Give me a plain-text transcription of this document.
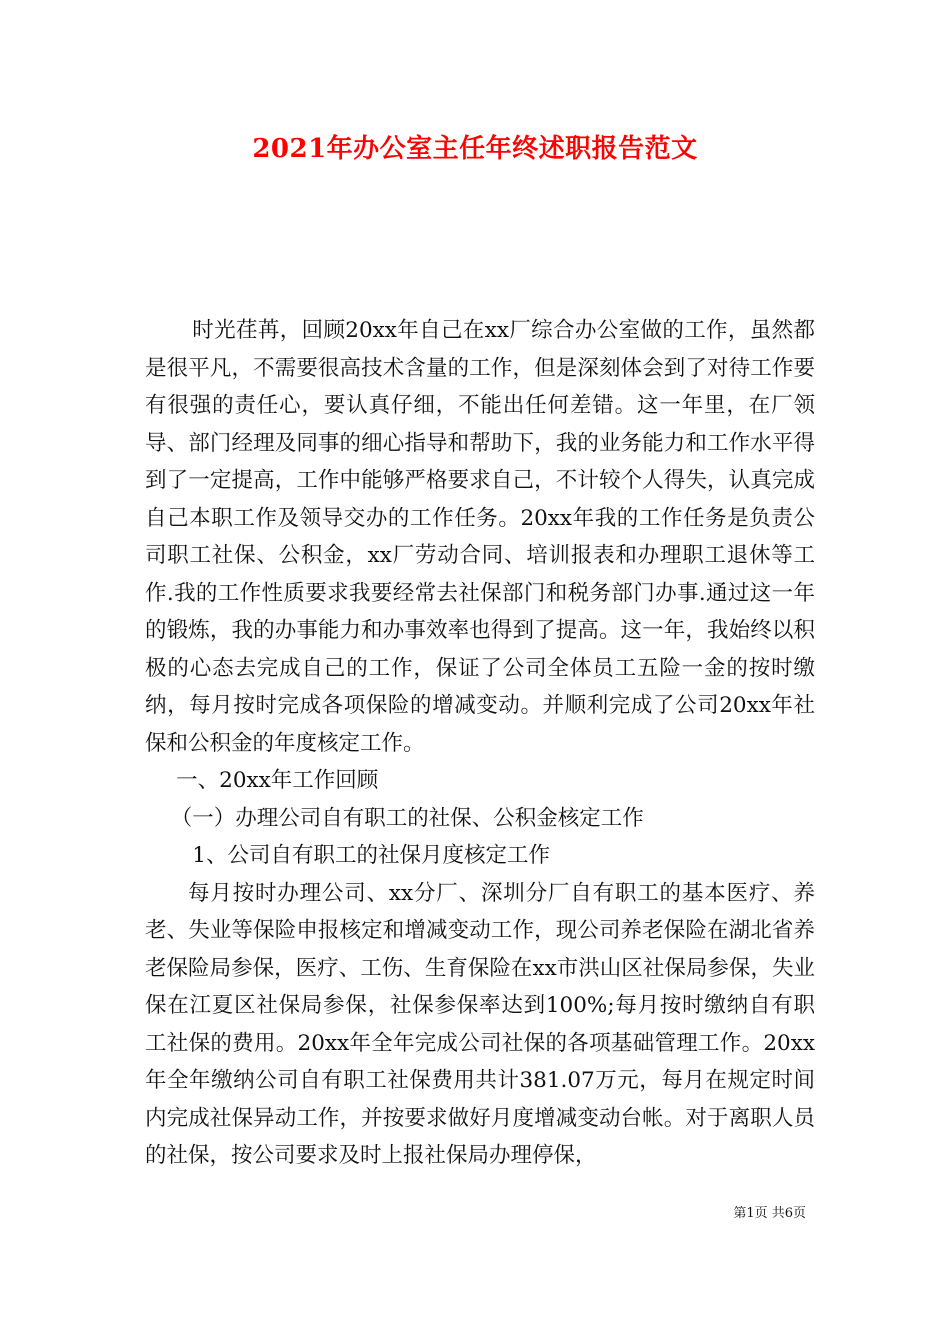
2021年办公室主任年终述职报告范文

时光荏苒，回顾20xx年自己在xx厂综合办公室做的工作，虽然都是很平凡，不需要很高技术含量的工作，但是深刻体会到了对待工作要有很强的责任心，要认真仔细，不能出任何差错。这一年里，在厂领导、部门经理及同事的细心指导和帮助下，我的业务能力和工作水平得到了一定提高，工作中能够严格要求自己，不计较个人得失，认真完成自己本职工作及领导交办的工作任务。20xx年我的工作任务是负责公司职工社保、公积金，xx厂劳动合同、培训报表和办理职工退休等工作.我的工作性质要求我要经常去社保部门和税务部门办事.通过这一年的锻炼，我的办事能力和办事效率也得到了提高。这一年，我始终以积极的心态去完成自己的工作，保证了公司全体员工五险一金的按时缴纳，每月按时完成各项保险的增减变动。并顺利完成了公司20xx年社保和公积金的年度核定工作。

一、20xx年工作回顾

（一）办理公司自有职工的社保、公积金核定工作

1、公司自有职工的社保月度核定工作

每月按时办理公司、xx分厂、深圳分厂自有职工的基本医疗、养老、失业等保险申报核定和增减变动工作，现公司养老保险在湖北省养老保险局参保，医疗、工伤、生育保险在xx市洪山区社保局参保，失业保在江夏区社保局参保，社保参保率达到100%;每月按时缴纳自有职工社保的费用。20xx年全年完成公司社保的各项基础管理工作。20xx年全年缴纳公司自有职工社保费用共计381.07万元，每月在规定时间内完成社保异动工作，并按要求做好月度增减变动台帐。对于离职人员的社保，按公司要求及时上报社保局办理停保，

第1页 共6页
